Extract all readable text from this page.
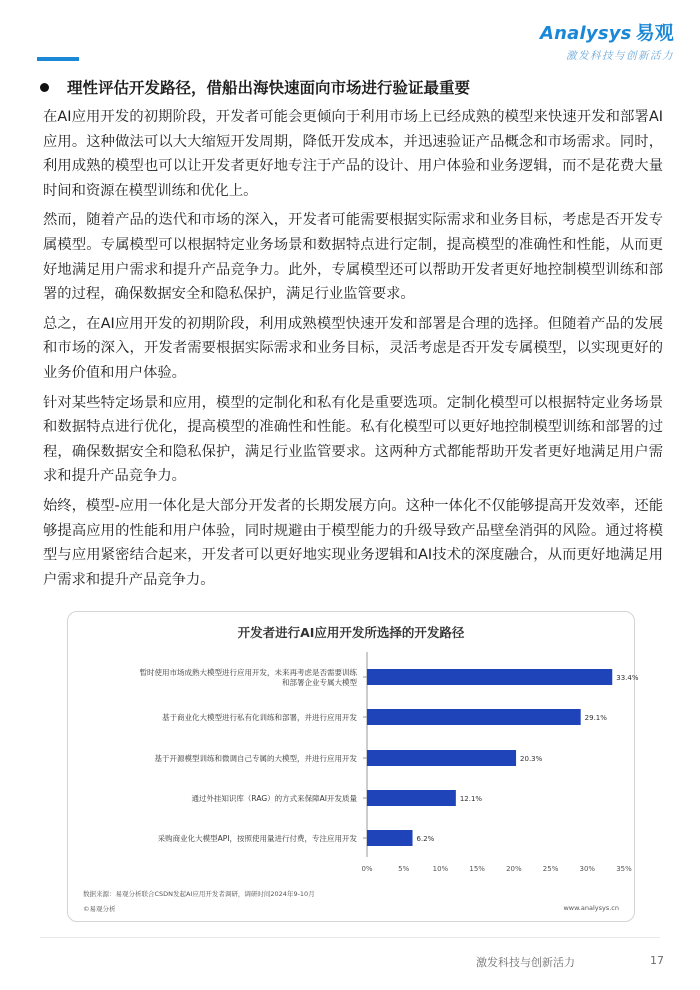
Analysys 易观
激发科技与创新活力
理性评估开发路径，借船出海快速面向市场进行验证最重要

在AI应用开发的初期阶段，开发者可能会更倾向于利用市场上已经成熟的模型来快速开发和部署AI应用。这种做法可以大大缩短开发周期，降低开发成本，并迅速验证产品概念和市场需求。同时，利用成熟的模型也可以让开发者更好地专注于产品的设计、用户体验和业务逻辑，而不是花费大量时间和资源在模型训练和优化上。

然而，随着产品的迭代和市场的深入，开发者可能需要根据实际需求和业务目标，考虑是否开发专属模型。专属模型可以根据特定业务场景和数据特点进行定制，提高模型的准确性和性能，从而更好地满足用户需求和提升产品竞争力。此外，专属模型还可以帮助开发者更好地控制模型训练和部署的过程，确保数据安全和隐私保护，满足行业监管要求。

总之，在AI应用开发的初期阶段，利用成熟模型快速开发和部署是合理的选择。但随着产品的发展和市场的深入，开发者需要根据实际需求和业务目标，灵活考虑是否开发专属模型，以实现更好的业务价值和用户体验。

针对某些特定场景和应用，模型的定制化和私有化是重要选项。定制化模型可以根据特定业务场景和数据特点进行优化，提高模型的准确性和性能。私有化模型可以更好地控制模型训练和部署的过程，确保数据安全和隐私保护，满足行业监管要求。这两种方式都能帮助开发者更好地满足用户需求和提升产品竞争力。

始终，模型-应用一体化是大部分开发者的长期发展方向。这种一体化不仅能够提高开发效率，还能够提高应用的性能和用户体验，同时规避由于模型能力的升级导致产品壁垒消弭的风险。通过将模型与应用紧密结合起来，开发者可以更好地实现业务逻辑和AI技术的深度融合，从而更好地满足用户需求和提升产品竞争力。

33.4%
暂时使用市场成熟大模型进行应用开发，未来再考虑是否需要训练
和部署企业专属大模型
29.1%
基于商业化大模型进行私有化训练和部署，并进行应用开发
20.3%
基于开源模型训练和微调自己专属的大模型，并进行应用开发
12.1%
通过外挂知识库（RAG）的方式来保障AI开发质量
6.2%
采购商业化大模型API，按照使用量进行付费，专注应用开发
0%	5%	10%	15%	20%	25%	30%	35%
开发者进行AI应用开发所选择的开发路径
数据来源：易观分析联合CSDN发起AI应用开发者调研，调研时间2024年9-10月
©易观分析	www.analysys.cn
激发科技与创新活力	17
